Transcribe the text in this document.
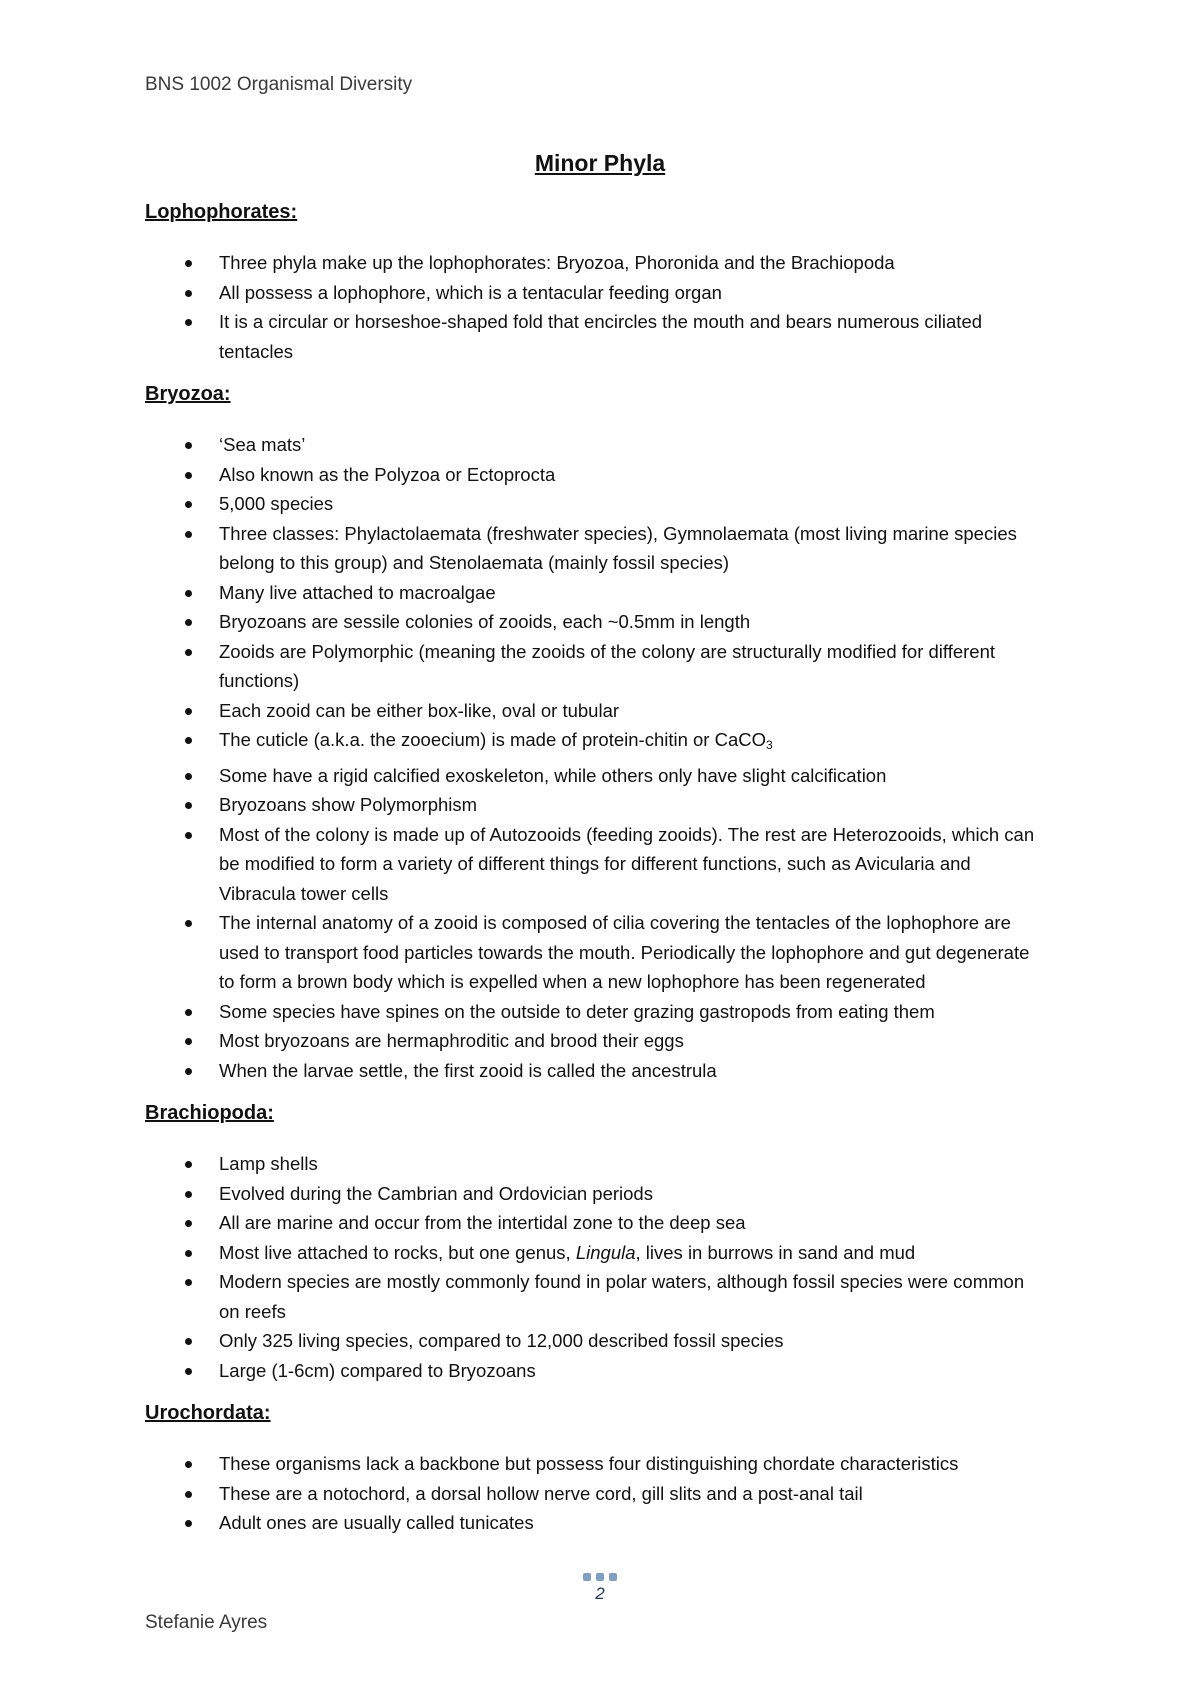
BNS 1002 Organismal Diversity
Minor Phyla
Lophophorates:
Three phyla make up the lophophorates: Bryozoa, Phoronida and the Brachiopoda
All possess a lophophore, which is a tentacular feeding organ
It is a circular or horseshoe-shaped fold that encircles the mouth and bears numerous ciliated tentacles
Bryozoa:
‘Sea mats’
Also known as the Polyzoa or Ectoprocta
5,000 species
Three classes: Phylactolaemata (freshwater species), Gymnolaemata (most living marine species belong to this group) and Stenolaemata (mainly fossil species)
Many live attached to macroalgae
Bryozoans are sessile colonies of zooids, each ~0.5mm in length
Zooids are Polymorphic (meaning the zooids of the colony are structurally modified for different functions)
Each zooid can be either box-like, oval or tubular
The cuticle (a.k.a. the zooecium) is made of protein-chitin or CaCO$_3$
Some have a rigid calcified exoskeleton, while others only have slight calcification
Bryozoans show Polymorphism
Most of the colony is made up of Autozooids (feeding zooids). The rest are Heterozooids, which can be modified to form a variety of different things for different functions, such as Avicularia and Vibracula tower cells
The internal anatomy of a zooid is composed of cilia covering the tentacles of the lophophore are used to transport food particles towards the mouth. Periodically the lophophore and gut degenerate to form a brown body which is expelled when a new lophophore has been regenerated
Some species have spines on the outside to deter grazing gastropods from eating them
Most bryozoans are hermaphroditic and brood their eggs
When the larvae settle, the first zooid is called the ancestrula
Brachiopoda:
Lamp shells
Evolved during the Cambrian and Ordovician periods
All are marine and occur from the intertidal zone to the deep sea
Most live attached to rocks, but one genus, Lingula, lives in burrows in sand and mud
Modern species are mostly commonly found in polar waters, although fossil species were common on reefs
Only 325 living species, compared to 12,000 described fossil species
Large (1-6cm) compared to Bryozoans
Urochordata:
These organisms lack a backbone but possess four distinguishing chordate characteristics
These are a notochord, a dorsal hollow nerve cord, gill slits and a post-anal tail
Adult ones are usually called tunicates
2
Stefanie Ayres
